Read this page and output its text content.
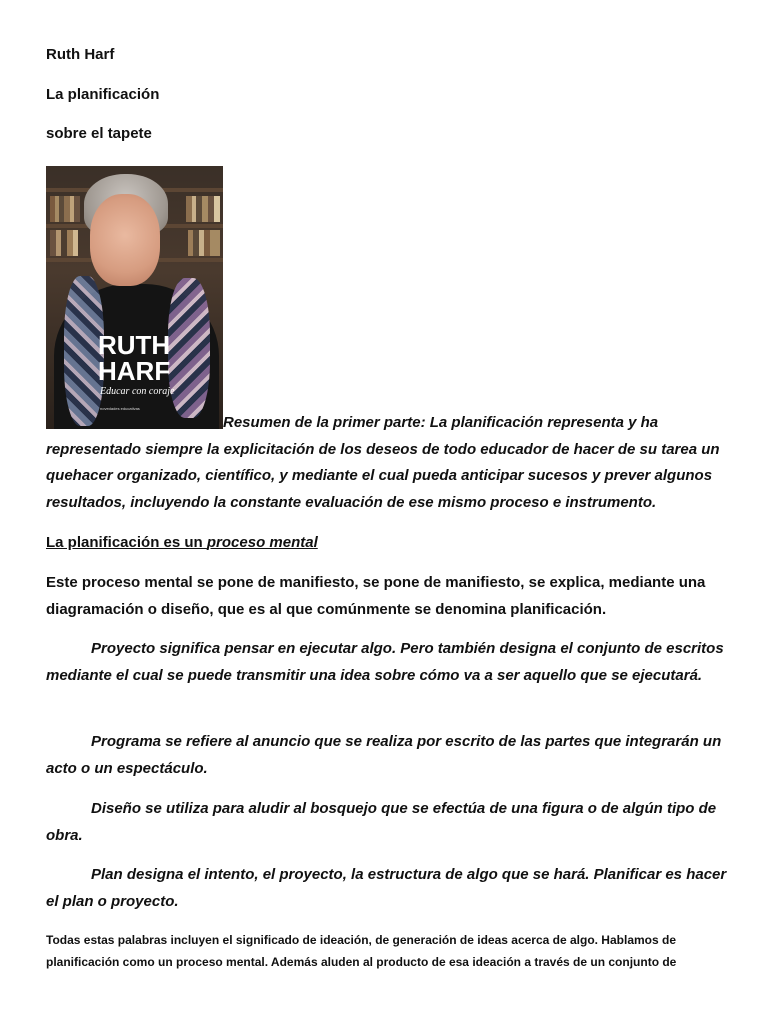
Ruth Harf
La planificación
sobre el tapete
RUTH
HARF
Educar con coraje
novedades educativas
Resumen de la primer parte: La planificación representa y ha representado siempre la explicitación de los deseos de todo educador de hacer de su tarea un quehacer organizado, científico, y mediante el cual pueda anticipar sucesos y prever algunos resultados, incluyendo la constante evaluación de ese mismo proceso e instrumento.
La planificación es un proceso mental
Este proceso mental se pone de manifiesto, se pone de manifiesto, se explica, mediante una diagramación o diseño, que es al que comúnmente se denomina planificación.
Proyecto significa pensar en ejecutar algo. Pero también designa el conjunto de escritos mediante el cual se puede transmitir una idea sobre cómo va a ser aquello que se ejecutará.
Programa se refiere al anuncio que se realiza por escrito de las partes que integrarán un acto o un espectáculo.
Diseño se utiliza para aludir al bosquejo que se efectúa de una figura o de algún tipo de obra.
Plan designa el intento, el proyecto, la estructura de algo que se hará. Planificar es hacer el plan o proyecto.
Todas estas palabras incluyen el significado de ideación, de generación de ideas acerca de algo. Hablamos de planificación como un proceso mental. Además aluden al producto de esa ideación a través de un conjunto de
